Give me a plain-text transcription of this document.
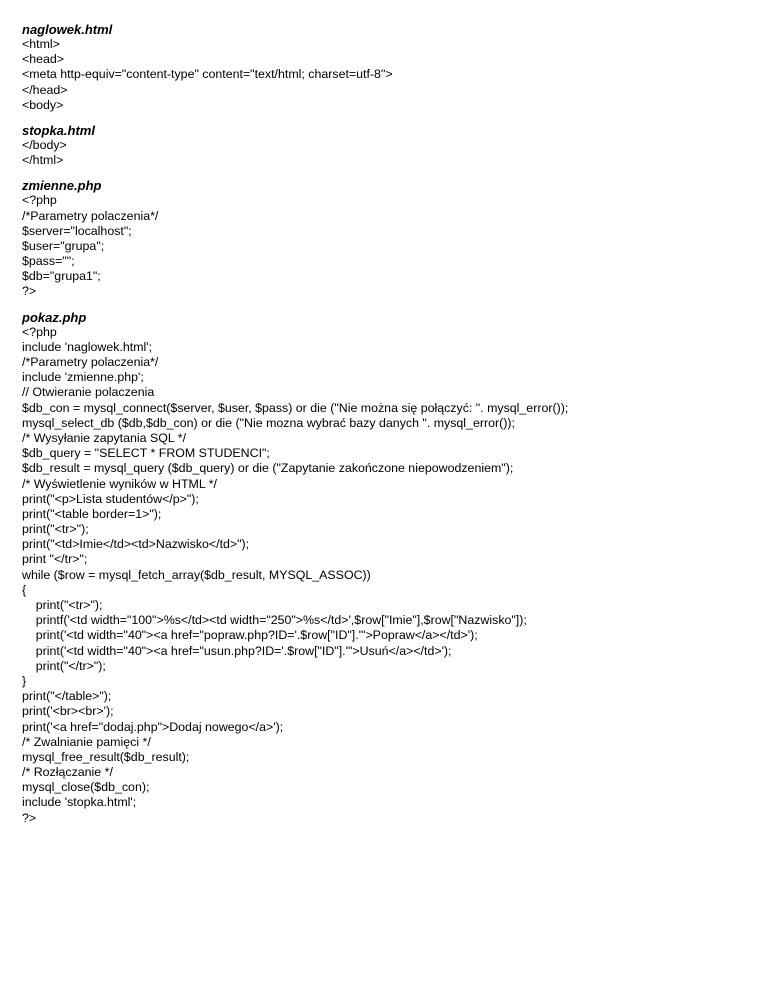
naglowek.html
<html>
<head>
<meta http-equiv="content-type" content="text/html; charset=utf-8">
</head>
<body>
stopka.html
</body>
</html>
zmienne.php
<?php
/*Parametry polaczenia*/
$server="localhost";
$user="grupa";
$pass="";
$db="grupa1";
?>
pokaz.php
<?php
include 'naglowek.html';
/*Parametry polaczenia*/
include 'zmienne.php';
// Otwieranie polaczenia
$db_con = mysql_connect($server, $user, $pass) or die ("Nie można się połączyć: ". mysql_error());
mysql_select_db ($db,$db_con) or die ("Nie mozna wybrać bazy danych ". mysql_error());
/* Wysyłanie zapytania SQL */
$db_query = "SELECT * FROM STUDENCI";
$db_result = mysql_query ($db_query) or die ("Zapytanie zakończone niepowodzeniem");
/* Wyświetlenie wyników w HTML */
print("<p>Lista studentów</p>");
print("<table border=1>");
print("<tr>");
print("<td>Imie</td><td>Nazwisko</td>");
print "</tr>";
while ($row = mysql_fetch_array($db_result, MYSQL_ASSOC))
{
print("<tr>");
printf('<td width="100">%s</td><td width="250">%s</td>',$row["Imie"],$row["Nazwisko"]);
print('<td width="40"><a href="popraw.php?ID='.$row["ID"].'">Popraw</a></td>');
print('<td width="40"><a href="usun.php?ID='.$row["ID"].'">Usuń</a></td>');
print("</tr>");
}
print("</table>");
print('<br><br>');
print('<a href="dodaj.php">Dodaj nowego</a>');
/* Zwalnianie pamięci */
mysql_free_result($db_result);
/* Rozłączanie */
mysql_close($db_con);
include 'stopka.html';
?>
